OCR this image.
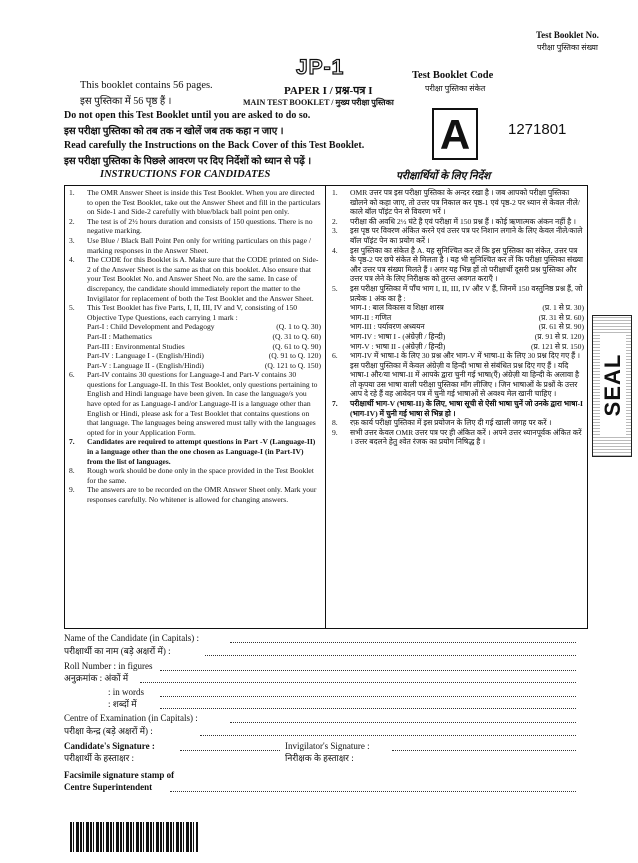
JP-1
PAPER I / प्रश्न-पत्र I
MAIN TEST BOOKLET / मुख्य परीक्षा पुस्तिका
This booklet contains 56 pages.
इस पुस्तिका में 56 पृष्ठ हैं ।
Test Booklet Code
परीक्षा पुस्तिका संकेत
A
Test Booklet No.
परीक्षा पुस्तिका संख्या
1271801
Do not open this Test Booklet until you are asked to do so.
इस परीक्षा पुस्तिका को तब तक न खोलें जब तक कहा न जाए ।
Read carefully the Instructions on the Back Cover of this Test Booklet.
इस परीक्षा पुस्तिका के पिछले आवरण पर दिए निर्देशों को ध्यान से पढ़ें ।
INSTRUCTIONS FOR CANDIDATES	परीक्षार्थियों के लिए निर्देश
1. The OMR Answer Sheet is inside this Test Booklet. When you are directed to open the Test Booklet, take out the Answer Sheet and fill in the particulars on Side-1 and Side-2 carefully with blue/black ball point pen only.
2. The test is of 2½ hours duration and consists of 150 questions. There is no negative marking.
3. Use Blue / Black Ball Point Pen only for writing particulars on this page / marking responses in the Answer Sheet.
4. The CODE for this Booklet is A. Make sure that the CODE printed on Side-2 of the Answer Sheet is the same as that on this booklet. Also ensure that your Test Booklet No. and Answer Sheet No. are the same. In case of discrepancy, the candidate should immediately report the matter to the Invigilator for replacement of both the Test Booklet and the Answer Sheet.
5. This Test Booklet has five Parts, I, II, III, IV and V, consisting of 150 Objective Type Questions, each carrying 1 mark :
Part-I : Child Development and Pedagogy	(Q. 1 to Q. 30)
Part-II : Mathematics	(Q. 31 to Q. 60)
Part-III : Environmental Studies	(Q. 61 to Q. 90)
Part-IV : Language I - (English/Hindi)	(Q. 91 to Q. 120)
Part-V : Language II - (English/Hindi)	(Q. 121 to Q. 150)
6. Part-IV contains 30 questions for Language-I and Part-V contains 30 questions for Language-II. In this Test Booklet, only questions pertaining to English and Hindi language have been given. In case the language/s you have opted for as Language-I and/or Language-II is a language other than English or Hindi, please ask for a Test Booklet that contains questions on that language. The languages being answered must tally with the languages opted for in your Application Form.
7. Candidates are required to attempt questions in Part -V (Language-II) in a language other than the one chosen as Language-I (in Part-IV) from the list of languages.
8. Rough work should be done only in the space provided in the Test Booklet for the same.
9. The answers are to be recorded on the OMR Answer Sheet only. Mark your responses carefully. No whitener is allowed for changing answers.
1. OMR उत्तर पत्र इस परीक्षा पुस्तिका के अन्दर रखा है । जब आपको परीक्षा पुस्तिका खोलने को कहा जाए, तो उत्तर पत्र निकाल कर पृष्ठ-1 एवं पृष्ठ-2 पर ध्यान से केवल नीले/काले बॉल पॉइंट पेन से विवरण भरें ।
2. परीक्षा की अवधि 2½ घंटे है एवं परीक्षा में 150 प्रश्न हैं । कोई ऋणात्मक अंकन नहीं है ।
3. इस पृष्ठ पर विवरण अंकित करने एवं उत्तर पत्र पर निशान लगाने के लिए केवल नीले/काले बॉल पॉइंट पेन का प्रयोग करें ।
4. इस पुस्तिका का संकेत है A. यह सुनिश्चित कर लें कि इस पुस्तिका का संकेत, उत्तर पत्र के पृष्ठ-2 पर छपे संकेत से मिलता है । यह भी सुनिश्चित कर लें कि परीक्षा पुस्तिका संख्या और उत्तर पत्र संख्या मिलते हैं । अगर यह भिन्न हों तो परीक्षार्थी दूसरी प्रश्न पुस्तिका और उत्तर पत्र लेने के लिए निरीक्षक को तुरन्त अवगत कराएँ ।
5. इस परीक्षा पुस्तिका में पाँच भाग I, II, III, IV और V हैं, जिनमें 150 वस्तुनिष्ठ प्रश्न हैं, जो प्रत्येक 1 अंक का है :
भाग-I : बाल विकास व शिक्षा शास्त्र	(प्र. 1 से प्र. 30)
भाग-II : गणित	(प्र. 31 से प्र. 60)
भाग-III : पर्यावरण अध्ययन	(प्र. 61 से प्र. 90)
भाग-IV : भाषा I - (अंग्रेज़ी / हिन्दी)	(प्र. 91 से प्र. 120)
भाग-V : भाषा II - (अंग्रेज़ी / हिन्दी)	(प्र. 121 से प्र. 150)
6. भाग-IV में भाषा-I के लिए 30 प्रश्न और भाग-V में भाषा-II के लिए 30 प्रश्न दिए गए हैं । इस परीक्षा पुस्तिका में केवल अंग्रेज़ी व हिन्दी भाषा से संबंधित प्रश्न दिए गए हैं । यदि भाषा-I और/या भाषा-II में आपके द्वारा चुनी गई भाषा(एँ) अंग्रेज़ी या हिन्दी के अलावा है तो कृपया उस भाषा वाली परीक्षा पुस्तिका माँग लीजिए । जिन भाषाओं के प्रश्नों के उत्तर आप दे रहे हैं वह आवेदन पत्र में चुनी गई भाषाओं से अवश्य मेल खानी चाहिए ।
7. परीक्षार्थी भाग-V (भाषा-II) के लिए, भाषा सूची से ऐसी भाषा चुनें जो उनके द्वारा भाषा-I (भाग-IV) में चुनी गई भाषा से भिन्न हो ।
8. रफ़ कार्य परीक्षा पुस्तिका में इस प्रयोजन के लिए दी गई खाली जगह पर करें ।
9. सभी उत्तर केवल OMR उत्तर पत्र पर ही अंकित करें । अपने उत्तर ध्यानपूर्वक अंकित करें । उत्तर बदलने हेतु श्वेत रंजक का प्रयोग निषिद्ध है ।
SEAL
Name of the Candidate (in Capitals) :
परीक्षार्थी का नाम (बड़े अक्षरों में) :
Roll Number : in figures
अनुक्रमांक : अंकों में
: in words
: शब्दों में
Centre of Examination (in Capitals) :
परीक्षा केन्द्र (बड़े अक्षरों में) :
Candidate's Signature :
परीक्षार्थी के हस्ताक्षर :
Invigilator's Signature :
निरीक्षक के हस्ताक्षर :
Facsimile signature stamp of
Centre Superintendent
